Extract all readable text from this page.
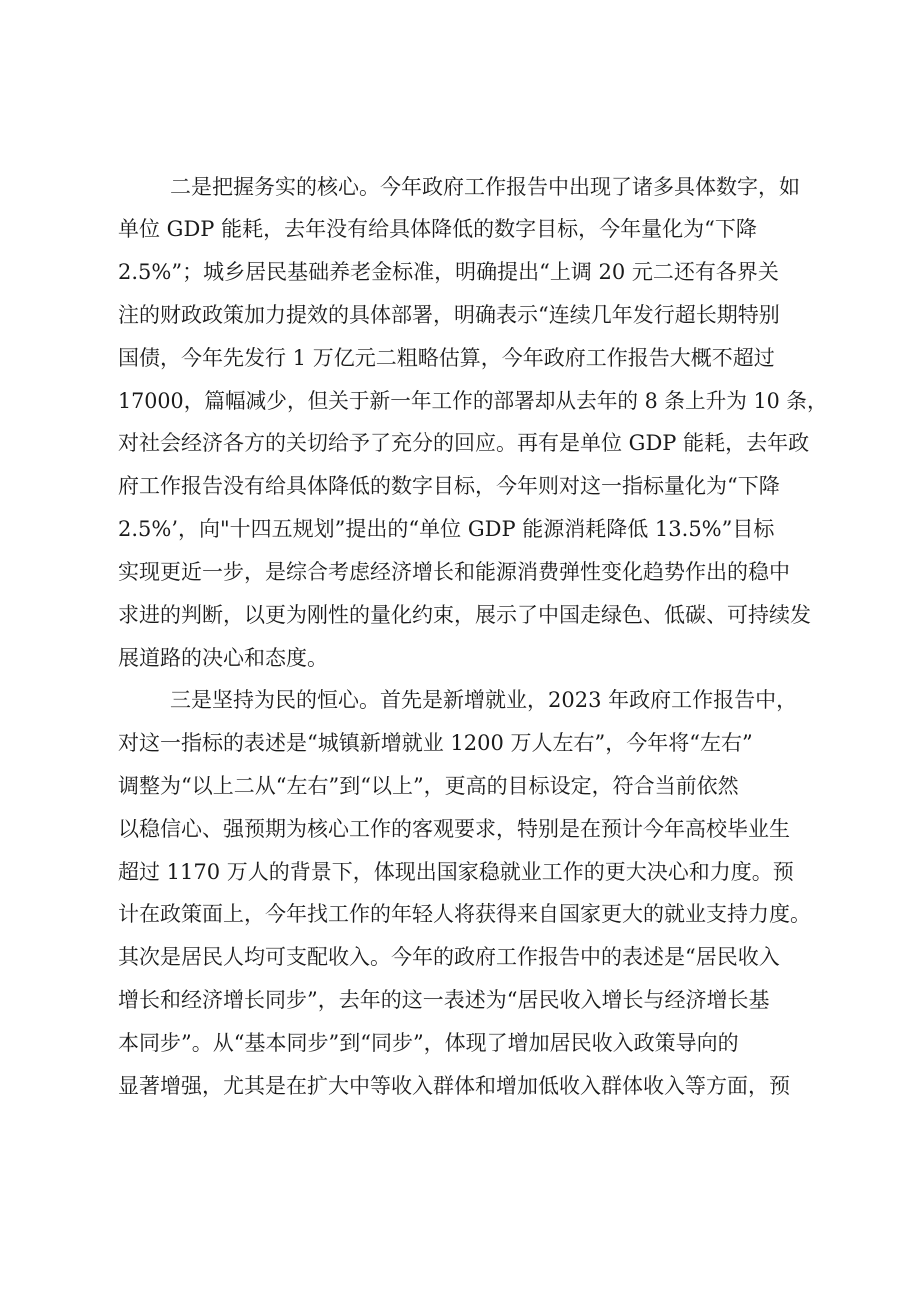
二是把握务实的核心。今年政府工作报告中出现了诸多具体数字，如
单位 GDP 能耗，去年没有给具体降低的数字目标，今年量化为“下降
2.5%”；城乡居民基础养老金标准，明确提出“上调 20 元二还有各界关
注的财政政策加力提效的具体部署，明确表示“连续几年发行超长期特别
国债，今年先发行 1 万亿元二粗略估算，今年政府工作报告大概不超过
17000，篇幅减少，但关于新一年工作的部署却从去年的 8 条上升为 10 条，
对社会经济各方的关切给予了充分的回应。再有是单位 GDP 能耗，去年政
府工作报告没有给具体降低的数字目标，今年则对这一指标量化为“下降
2.5%’，向"十四五规划”提出的“单位 GDP 能源消耗降低 13.5%”目标
实现更近一步，是综合考虑经济增长和能源消费弹性变化趋势作出的稳中
求进的判断，以更为刚性的量化约束，展示了中国走绿色、低碳、可持续发
展道路的决心和态度。
三是坚持为民的恒心。首先是新增就业，2023 年政府工作报告中，
对这一指标的表述是“城镇新增就业 1200 万人左右”，今年将“左右”
调整为“以上二从“左右”到“以上”，更高的目标设定，符合当前依然
以稳信心、强预期为核心工作的客观要求，特别是在预计今年高校毕业生
超过 1170 万人的背景下，体现出国家稳就业工作的更大决心和力度。预
计在政策面上，今年找工作的年轻人将获得来自国家更大的就业支持力度。
其次是居民人均可支配收入。今年的政府工作报告中的表述是“居民收入
增长和经济增长同步”，去年的这一表述为“居民收入增长与经济增长基
本同步”。从“基本同步”到“同步”，体现了增加居民收入政策导向的
显著增强，尤其是在扩大中等收入群体和增加低收入群体收入等方面，预
